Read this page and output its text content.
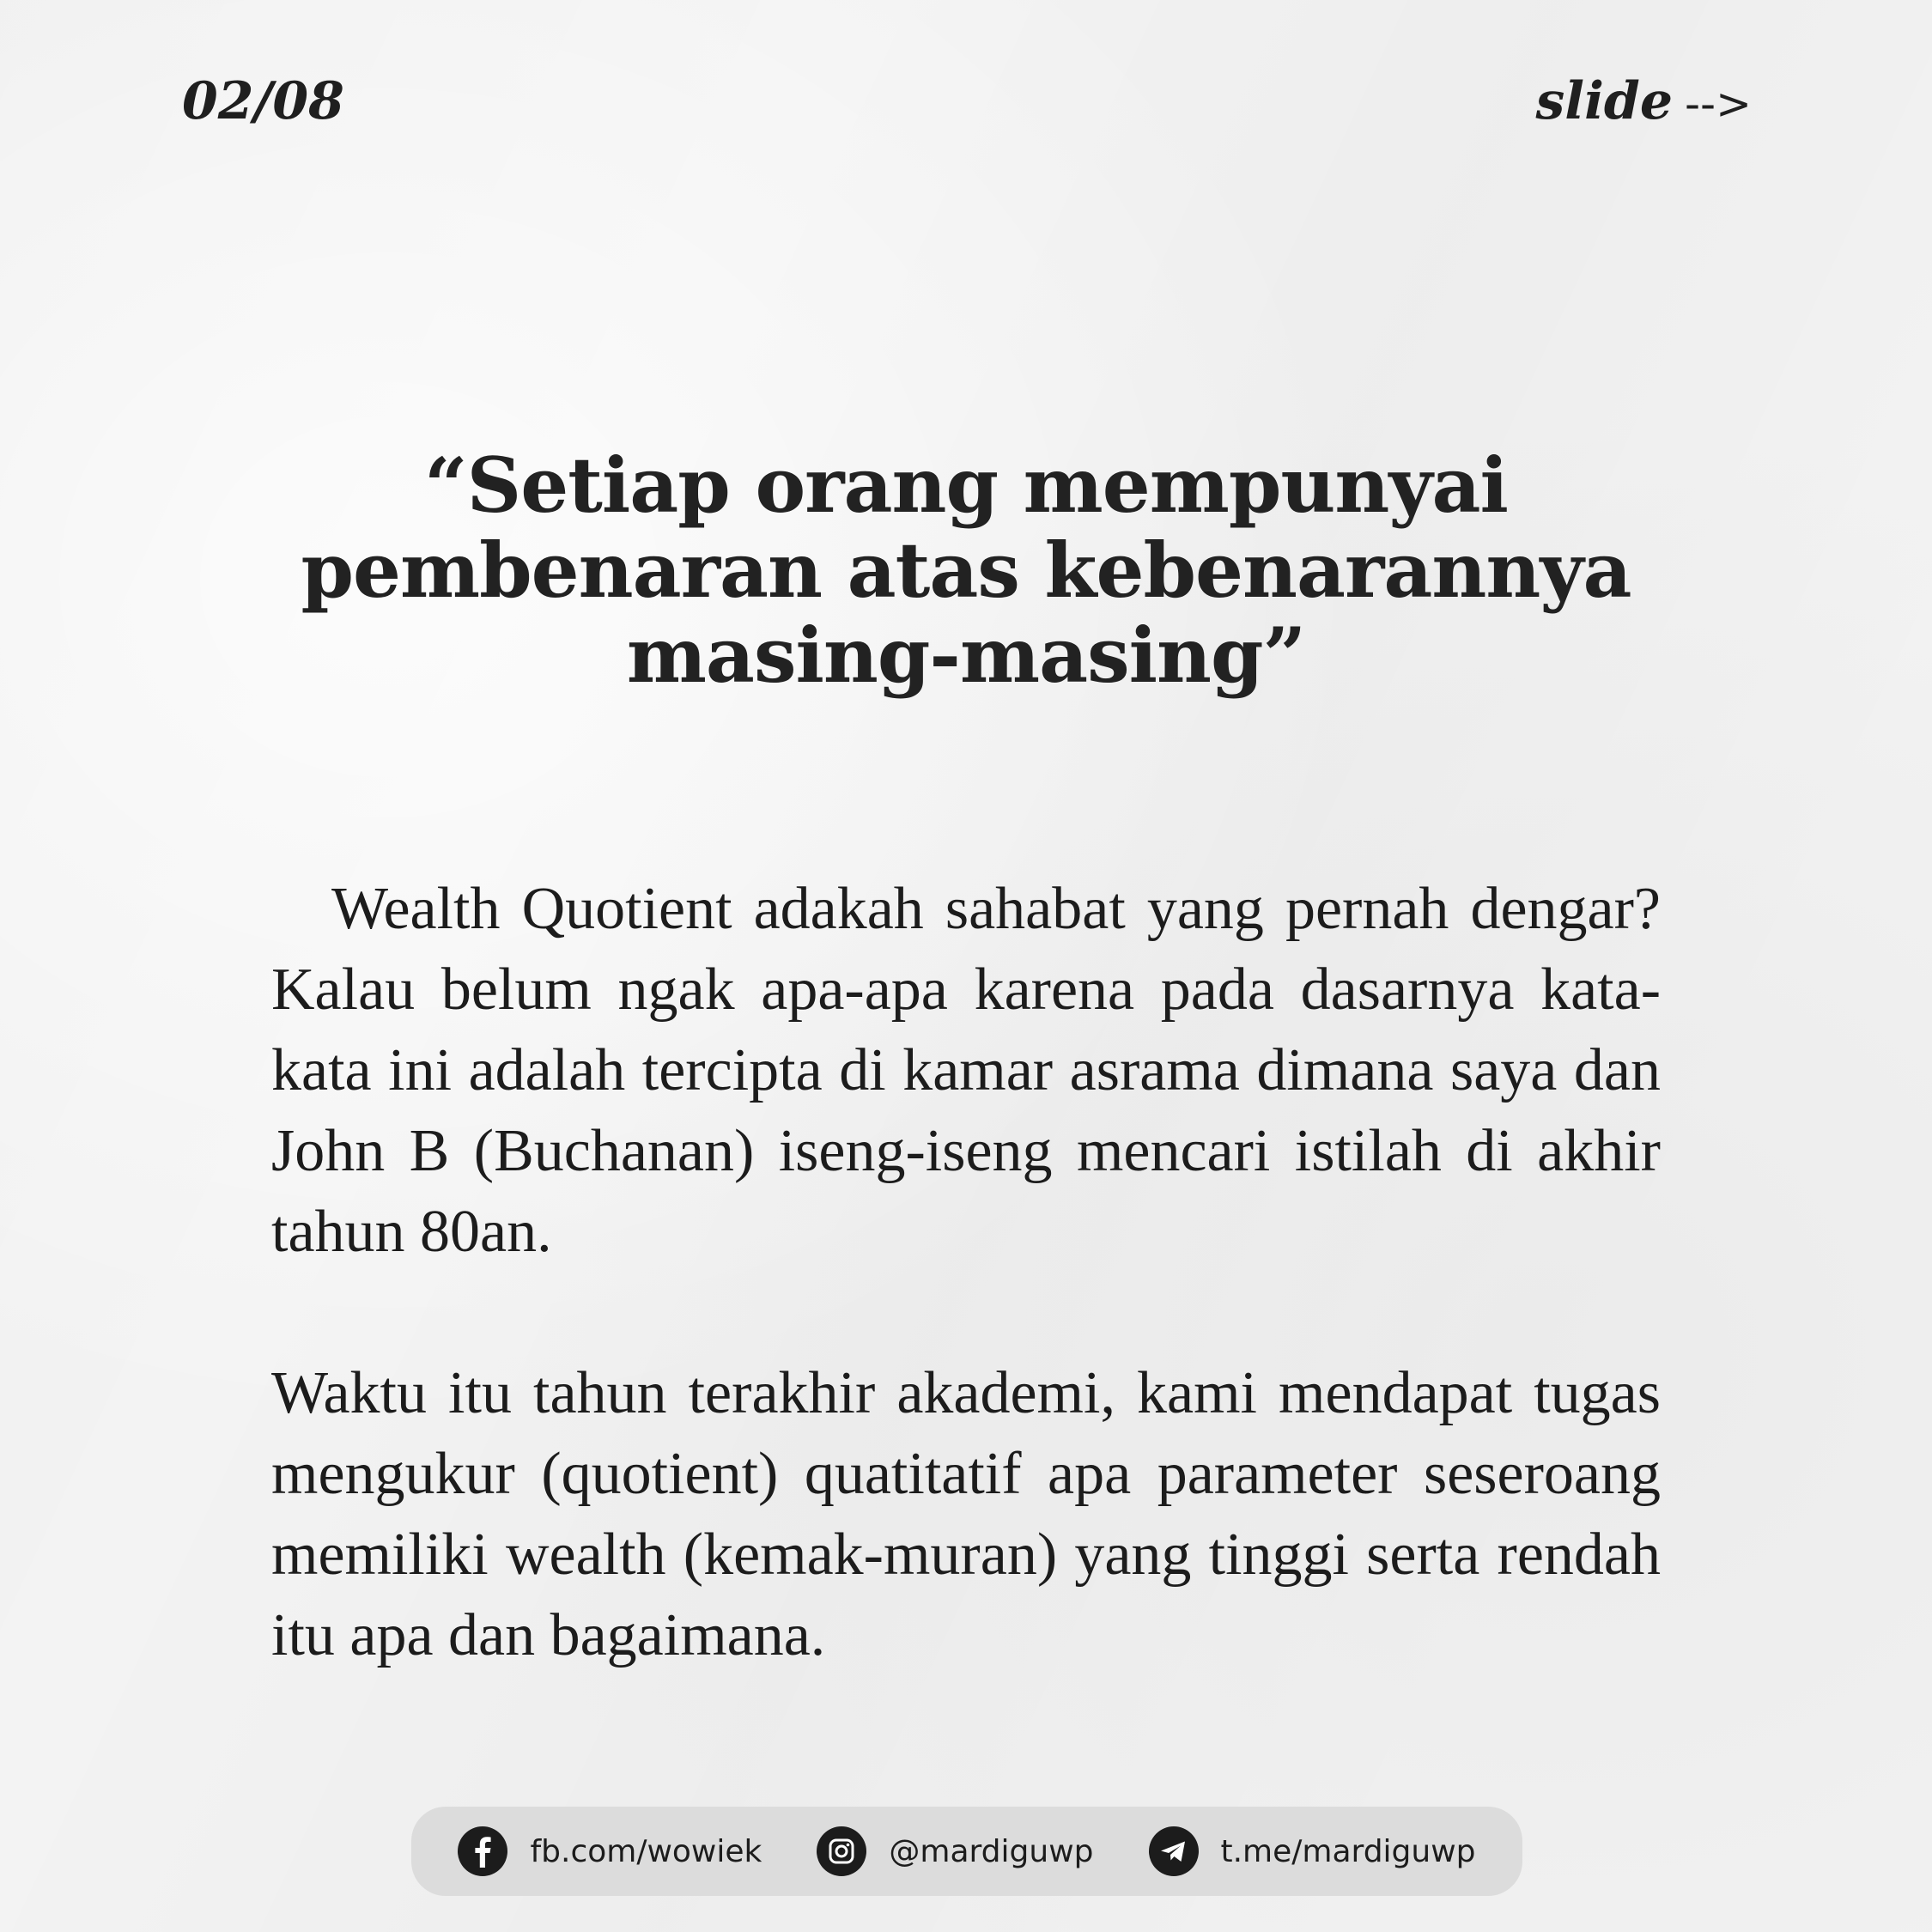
02/08	slide -->
“Setiap orang mempunyai pembenaran atas kebenarannya masing-masing”

Wealth Quotient adakah sahabat yang pernah dengar? Kalau belum ngak apa-apa karena pada dasarnya kata-kata ini adalah tercipta di kamar asrama dimana saya dan John B (Buchanan) iseng-iseng mencari istilah di akhir tahun 80an.

Waktu itu tahun terakhir akademi, kami mendapat tugas mengukur (quotient) quatitatif apa parameter seseroang memiliki wealth (kemak-muran) yang tinggi serta rendah itu apa dan bagaimana.

fb.com/wowiek	@mardiguwp	t.me/mardiguwp
